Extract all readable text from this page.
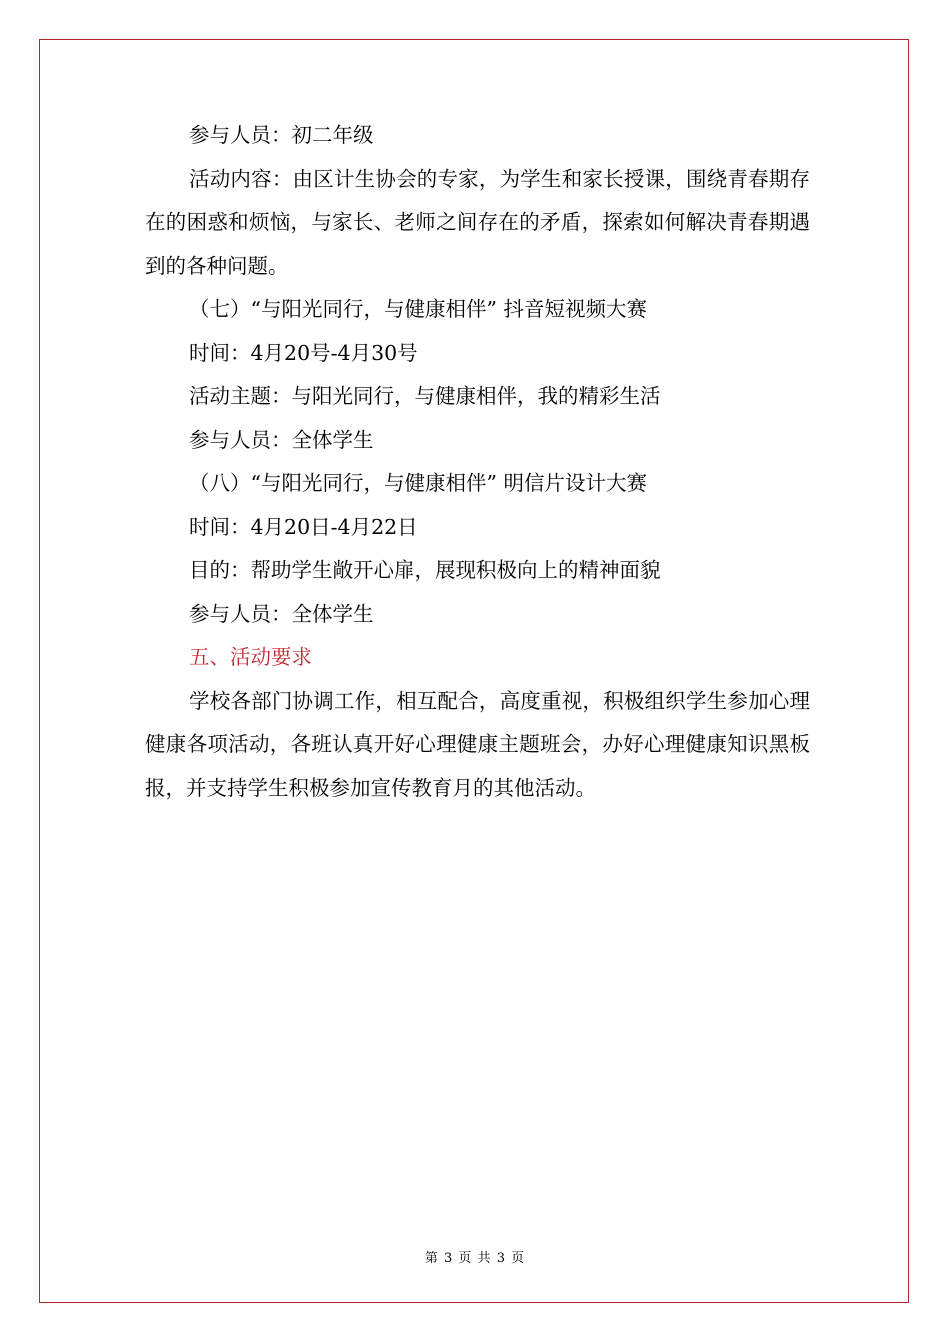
参与人员：初二年级

活动内容：由区计生协会的专家，为学生和家长授课，围绕青春期存在的困惑和烦恼，与家长、老师之间存在的矛盾，探索如何解决青春期遇到的各种问题。

（七）“与阳光同行，与健康相伴” 抖音短视频大赛

时间：4月20号-4月30号

活动主题：与阳光同行，与健康相伴，我的精彩生活

参与人员：全体学生

（八）“与阳光同行，与健康相伴” 明信片设计大赛

时间：4月20日-4月22日

目的：帮助学生敞开心扉，展现积极向上的精神面貌

参与人员：全体学生

五、活动要求

学校各部门协调工作，相互配合，高度重视，积极组织学生参加心理健康各项活动，各班认真开好心理健康主题班会，办好心理健康知识黑板报，并支持学生积极参加宣传教育月的其他活动。

第 3 页 共 3 页
